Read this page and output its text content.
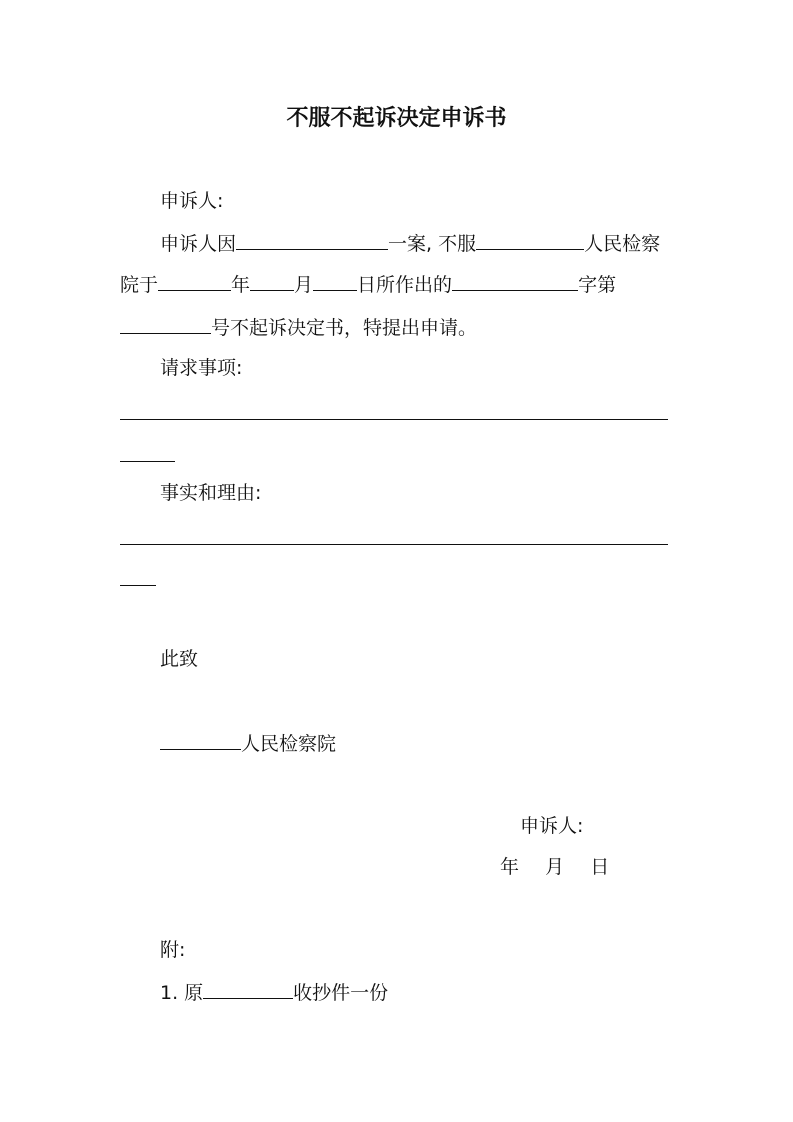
不服不起诉决定申诉书
申诉人:
申诉人因	一案, 不服	人民检察
院于	年 月 日所作出的	字第
号不起诉决定书，特提出申请。
请求事项:
事实和理由:
此致
人民检察院
申诉人:
年 月 日
附:
1. 原	收抄件一份
